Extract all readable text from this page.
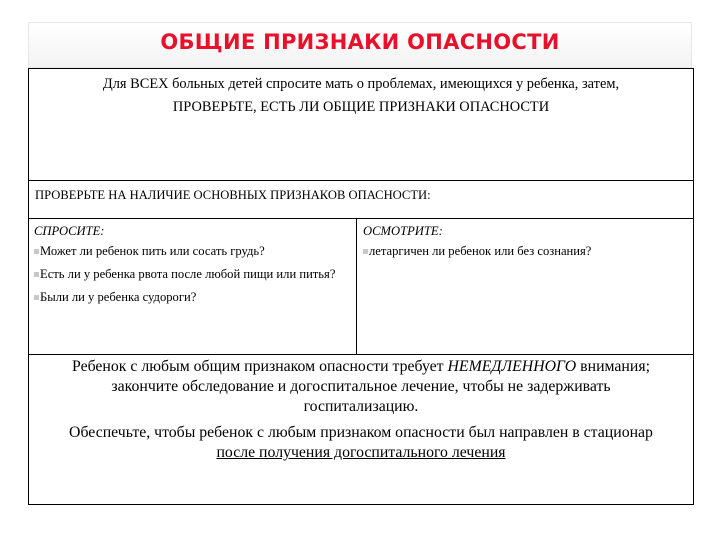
ОБЩИЕ ПРИЗНАКИ ОПАСНОСТИ
Для ВСЕХ больных детей спросите мать о проблемах, имеющихся у ребенка, затем,
ПРОВЕРЬТЕ, ЕСТЬ ЛИ ОБЩИЕ ПРИЗНАКИ ОПАСНОСТИ
ПРОВЕРЬТЕ НА НАЛИЧИЕ ОСНОВНЫХ ПРИЗНАКОВ ОПАСНОСТИ:
СПРОСИТЕ:
Может ли ребенок пить или сосать грудь?
Есть ли у ребенка рвота после любой пищи или питья?
Были ли у ребенка судороги?
ОСМОТРИТЕ:
летаргичен ли ребенок или без сознания?
Ребенок с любым общим признаком опасности требует НЕМЕДЛЕННОГО внимания; закончите обследование и догоспитальное лечение, чтобы не задерживать госпитализацию.
Обеспечьте, чтобы ребенок с любым признаком опасности был направлен в стационар после получения догоспитального лечения
